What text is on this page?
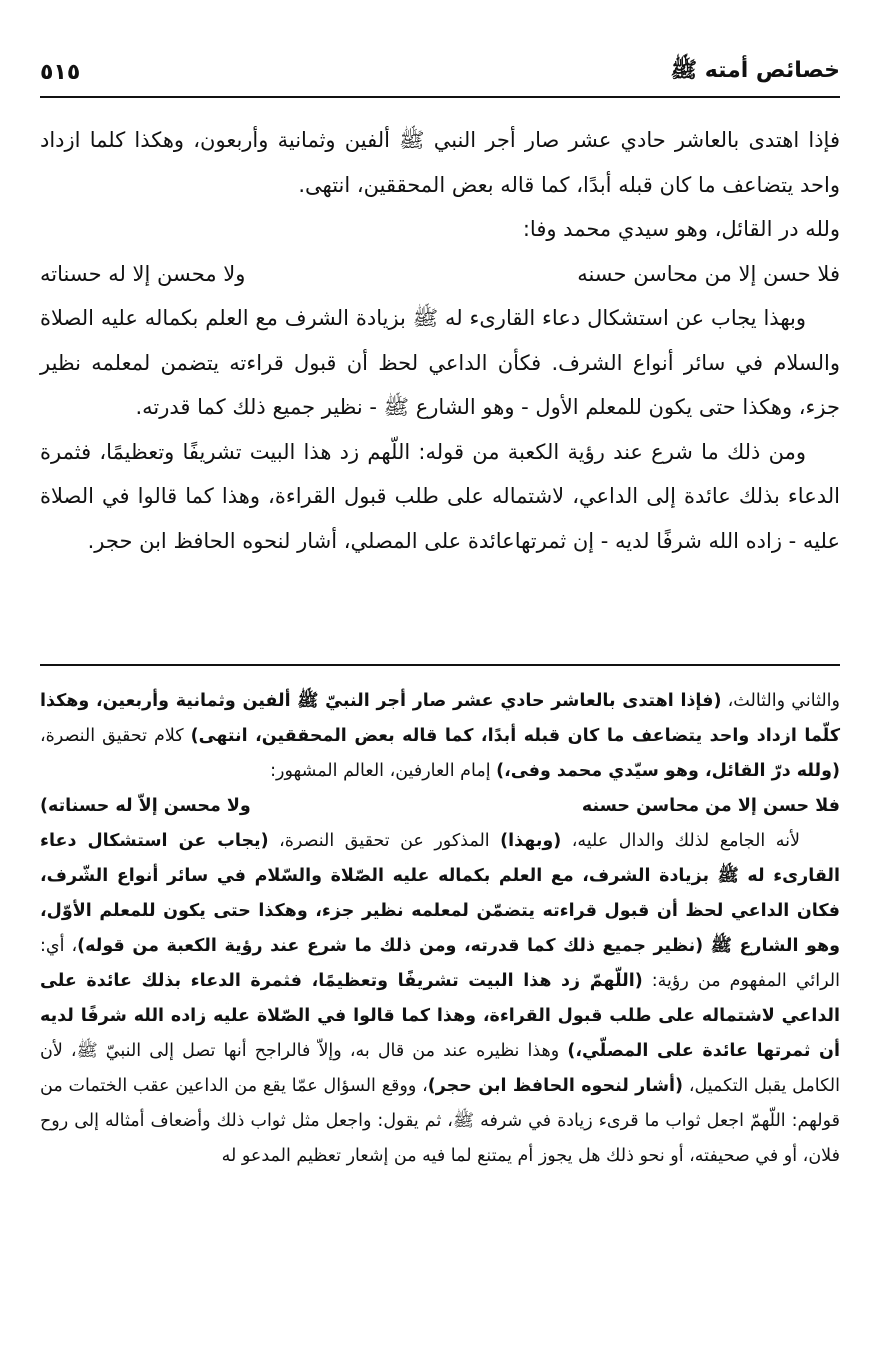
خصائص أمته ﷺ
٥١٥

فإذا اهتدى بالعاشر حادي عشر صار أجر النبي ﷺ ألفين وثمانية وأربعون، وهكذا كلما ازداد واحد يتضاعف ما كان قبله أبدًا، كما قاله بعض المحققين، انتهى.

ولله در القائل، وهو سيدي محمد وفا:

فلا حسن إلا من محاسن حسنه
ولا محسن إلا له حسناته

وبهذا يجاب عن استشكال دعاء القارىء له ﷺ بزيادة الشرف مع العلم بكماله عليه الصلاة والسلام في سائر أنواع الشرف. فكأن الداعي لحظ أن قبول قراءته يتضمن لمعلمه نظير جزء، وهكذا حتى يكون للمعلم الأول - وهو الشارع ﷺ - نظير جميع ذلك كما قدرته.

ومن ذلك ما شرع عند رؤية الكعبة من قوله: اللّهم زد هذا البيت تشريفًا وتعظيمًا، فثمرة الدعاء بذلك عائدة إلى الداعي، لاشتماله على طلب قبول القراءة، وهذا كما قالوا في الصلاة عليه - زاده الله شرفًا لديه - إن ثمرتهاعائدة على المصلي، أشار لنحوه الحافظ ابن حجر.

والثاني والثالث، (فإذا اهتدى بالعاشر حادي عشر صار أجر النبيّ ﷺ ألفين وثمانية وأربعين، وهكذا كلّما ازداد واحد يتضاعف ما كان قبله أبدًا، كما قاله بعض المحققين، انتهى) كلام تحقيق النصرة، (ولله درّ القائل، وهو سيّدي محمد وفى،) إمام العارفين، العالم المشهور:

فلا حسن إلا من محاسن حسنه
ولا محسن إلاّ له حسناته)

لأنه الجامع لذلك والدال عليه، (وبهذا) المذكور عن تحقيق النصرة، (يجاب عن استشكال دعاء القارىء له ﷺ بزيادة الشرف، مع العلم بكماله عليه الصّلاة والسّلام في سائر أنواع الشّرف، فكان الداعي لحظ أن قبول قراءته يتضمّن لمعلمه نظير جزء، وهكذا حتى يكون للمعلم الأوّل، وهو الشارع ﷺ (نظير جميع ذلك كما قدرته، ومن ذلك ما شرع عند رؤية الكعبة من قوله)، أي: الرائي المفهوم من رؤية: (اللّهمّ زد هذا البيت تشريفًا وتعظيمًا، فثمرة الدعاء بذلك عائدة على الداعي لاشتماله على طلب قبول القراءة، وهذا كما قالوا في الصّلاة عليه زاده الله شرفًا لديه أن ثمرتها عائدة على المصلّي،) وهذا نظيره عند من قال به، وإلاّ فالراجح أنها تصل إلى النبيّ ﷺ، لأن الكامل يقبل التكميل، (أشار لنحوه الحافظ ابن حجر)، ووقع السؤال عمّا يقع من الداعين عقب الختمات من قولهم: اللّهمّ اجعل ثواب ما قرىء زيادة في شرفه ﷺ، ثم يقول: واجعل مثل ثواب ذلك وأضعاف أمثاله إلى روح فلان، أو في صحيفته، أو نحو ذلك هل يجوز أم يمتنع لما فيه من إشعار تعظيم المدعو له
